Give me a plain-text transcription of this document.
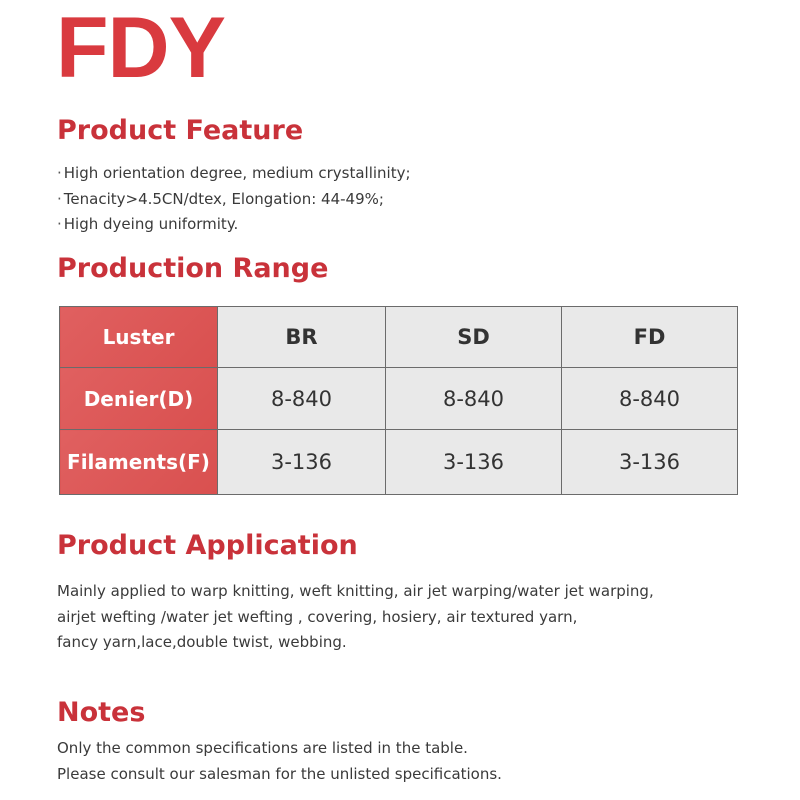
FDY
Product Feature
· High orientation degree, medium crystallinity;
· Tenacity>4.5CN/dtex, Elongation: 44-49%;
· High dyeing uniformity.
Production Range
Luster	BR	SD	FD
Denier(D)	8-840	8-840	8-840
Filaments(F)	3-136	3-136	3-136
Product Application

Mainly applied to warp knitting, weft knitting, air jet warping/water jet warping,
airjet wefting /water jet wefting , covering, hosiery, air textured yarn,
fancy yarn,lace,double twist, webbing.

Notes

Only the common specifications are listed in the table.
Please consult our salesman for the unlisted specifications.
